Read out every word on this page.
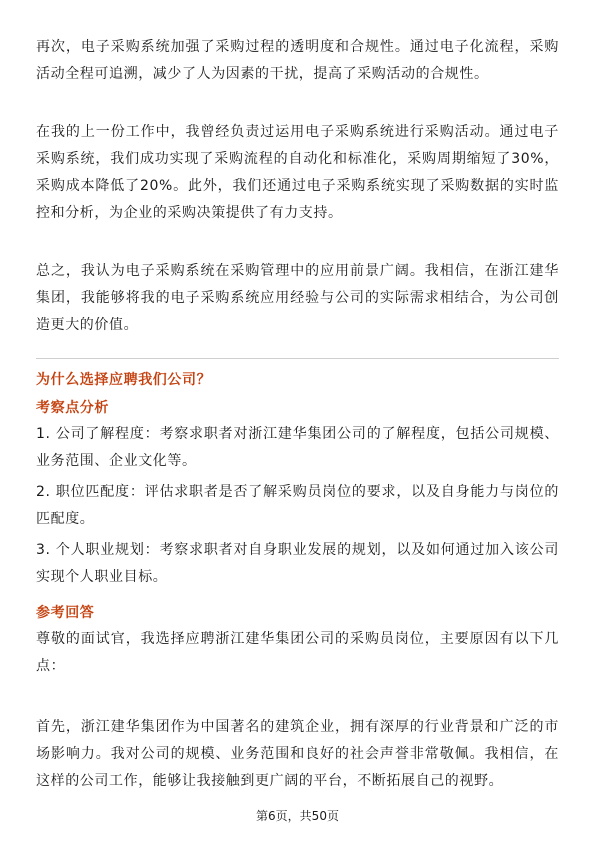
再次，电子采购系统加强了采购过程的透明度和合规性。通过电子化流程，采购活动全程可追溯，减少了人为因素的干扰，提高了采购活动的合规性。

在我的上一份工作中，我曾经负责过运用电子采购系统进行采购活动。通过电子采购系统，我们成功实现了采购流程的自动化和标准化，采购周期缩短了30%，采购成本降低了20%。此外，我们还通过电子采购系统实现了采购数据的实时监控和分析，为企业的采购决策提供了有力支持。

总之，我认为电子采购系统在采购管理中的应用前景广阔。我相信，在浙江建华集团，我能够将我的电子采购系统应用经验与公司的实际需求相结合，为公司创造更大的价值。

为什么选择应聘我们公司？

考察点分析

1. 公司了解程度：考察求职者对浙江建华集团公司的了解程度，包括公司规模、业务范围、企业文化等。

2. 职位匹配度：评估求职者是否了解采购员岗位的要求，以及自身能力与岗位的匹配度。

3. 个人职业规划：考察求职者对自身职业发展的规划，以及如何通过加入该公司实现个人职业目标。

参考回答

尊敬的面试官，我选择应聘浙江建华集团公司的采购员岗位，主要原因有以下几点：

首先，浙江建华集团作为中国著名的建筑企业，拥有深厚的行业背景和广泛的市场影响力。我对公司的规模、业务范围和良好的社会声誉非常敬佩。我相信，在这样的公司工作，能够让我接触到更广阔的平台，不断拓展自己的视野。

第6页，共50页
